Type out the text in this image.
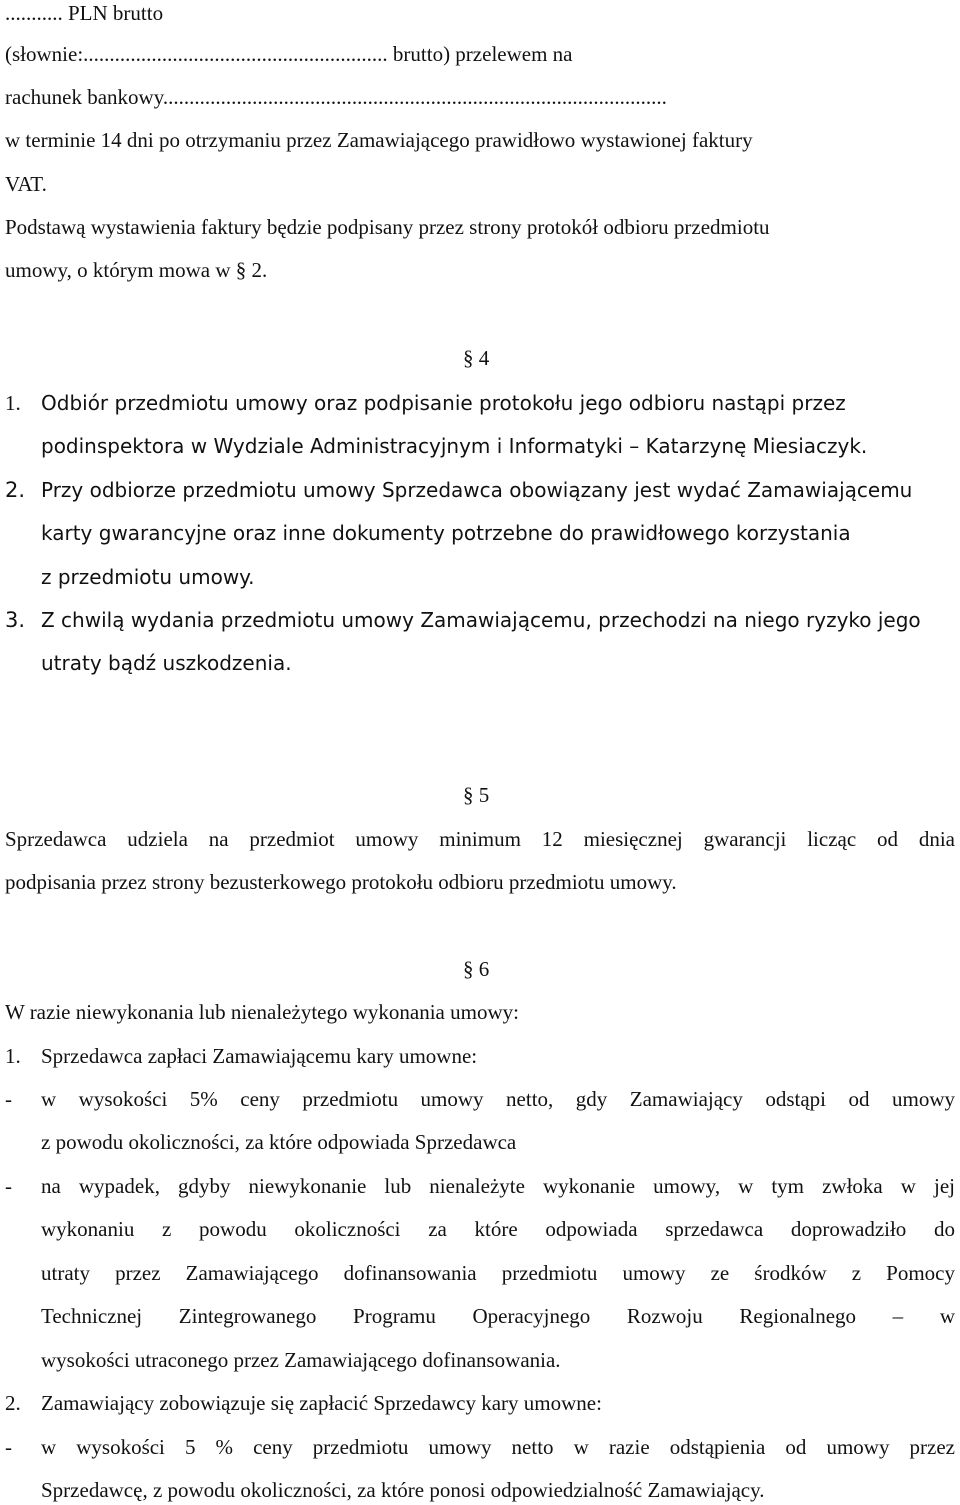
........... PLN brutto

(słownie:.......................................................... brutto) przelewem na

rachunek bankowy................................................................................................

w terminie 14 dni po otrzymaniu przez Zamawiającego prawidłowo wystawionej faktury

VAT.

Podstawą wystawienia faktury będzie podpisany przez strony protokół odbioru przedmiotu

umowy, o którym mowa w § 2.

§ 4
1. Odbiór przedmiotu umowy oraz podpisanie protokołu jego odbioru nastąpi przez

podinspektora w Wydziale Administracyjnym i Informatyki – Katarzynę Miesiaczyk.

2. Przy odbiorze przedmiotu umowy Sprzedawca obowiązany jest wydać Zamawiającemu

karty gwarancyjne oraz inne dokumenty potrzebne do prawidłowego korzystania

z przedmiotu umowy.

3. Z chwilą wydania przedmiotu umowy Zamawiającemu, przechodzi na niego ryzyko jego

utraty bądź uszkodzenia.

§ 5

Sprzedawca udziela na przedmiot umowy minimum 12 miesięcznej gwarancji licząc od dnia

podpisania przez strony bezusterkowego protokołu odbioru przedmiotu umowy.

§ 6

W razie niewykonania lub nienależytego wykonania umowy:

1. Sprzedawca zapłaci Zamawiającemu kary umowne:

- w wysokości 5% ceny przedmiotu umowy netto, gdy Zamawiający odstąpi od umowy

z powodu okoliczności, za które odpowiada Sprzedawca

- na wypadek, gdyby niewykonanie lub nienależyte wykonanie umowy, w tym zwłoka w jej

wykonaniu z powodu okoliczności za które odpowiada sprzedawca doprowadziło do

utraty przez Zamawiającego dofinansowania przedmiotu umowy ze środków z Pomocy

Technicznej Zintegrowanego Programu Operacyjnego Rozwoju Regionalnego – w

wysokości utraconego przez Zamawiającego dofinansowania.

2. Zamawiający zobowiązuje się zapłacić Sprzedawcy kary umowne:

- w wysokości 5 % ceny przedmiotu umowy netto w razie odstąpienia od umowy przez

Sprzedawcę, z powodu okoliczności, za które ponosi odpowiedzialność Zamawiający.
